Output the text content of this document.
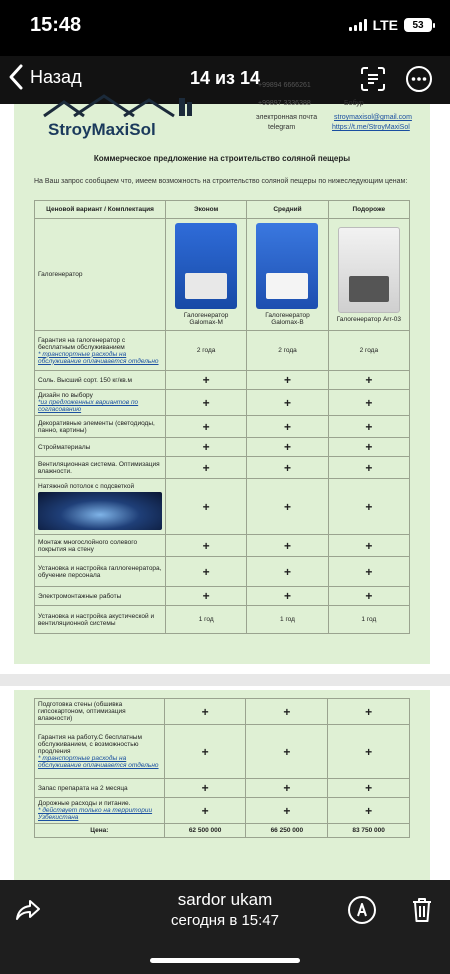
15:48	LTE 53
Назад	14 из 14
StroyMaxiSol
+99894 6666261
+99897 3336388
электронная почта
telegram
Бобур
stroymaxisol@gmail.com
https://t.me/StroyMaxiSol
Коммерческое предложение на строительство соляной пещеры
На Ваш запрос сообщаем что, имеем возможность на строительство соляной пещеры по нижеследующим ценам:
Ценовой вариант / Комплектация	Эконом	Средний	Подороже
Галогенератор	Галогенератор Galomax-M	Галогенератор Galomax-B	Галогенератор Arr-03

Гарантия на галогенератор с бесплатным обслуживанием
* транспортные расходы на обслуживание оплачивается отдельно	2 года	2 года	2 года

Соль. Высший сорт. 150 кг/кв.м	+	+	+

Дизайн по выбору
*из предложенных вариантов по согласованию	+	+	+

Декоративные элементы (светодиоды, панно, картины)	+	+	+

Стройматериалы	+	+	+

Вентиляционная система. Оптимизация влажности.	+	+	+

Натяжной потолок с подсветкой	+	+	+

Монтаж многослойного солевого покрытия на стену	+	+	+

Установка и настройка галлогенератора, обучение персонала	+	+	+

Электромонтажные работы	+	+	+

Установка и настройка акустической и вентиляционной системы	1 год	1 год	1 год
Подготовка стены (обшивка гипсокартоном, оптимизация влажности)	+	+	+

Гарантия на работу.С бесплатным обслуживанием, с возможностью продления
* транспортные расходы на обслуживание оплачивается отдельно	+	+	+

Запас препарата на 2 месяца	+	+	+

Дорожные расходы и питание.
* действует только на территории Узбекистана	+	+	+
Цена:	62 500 000	66 250 000	83 750 000
sardor ukam
сегодня в 15:47
